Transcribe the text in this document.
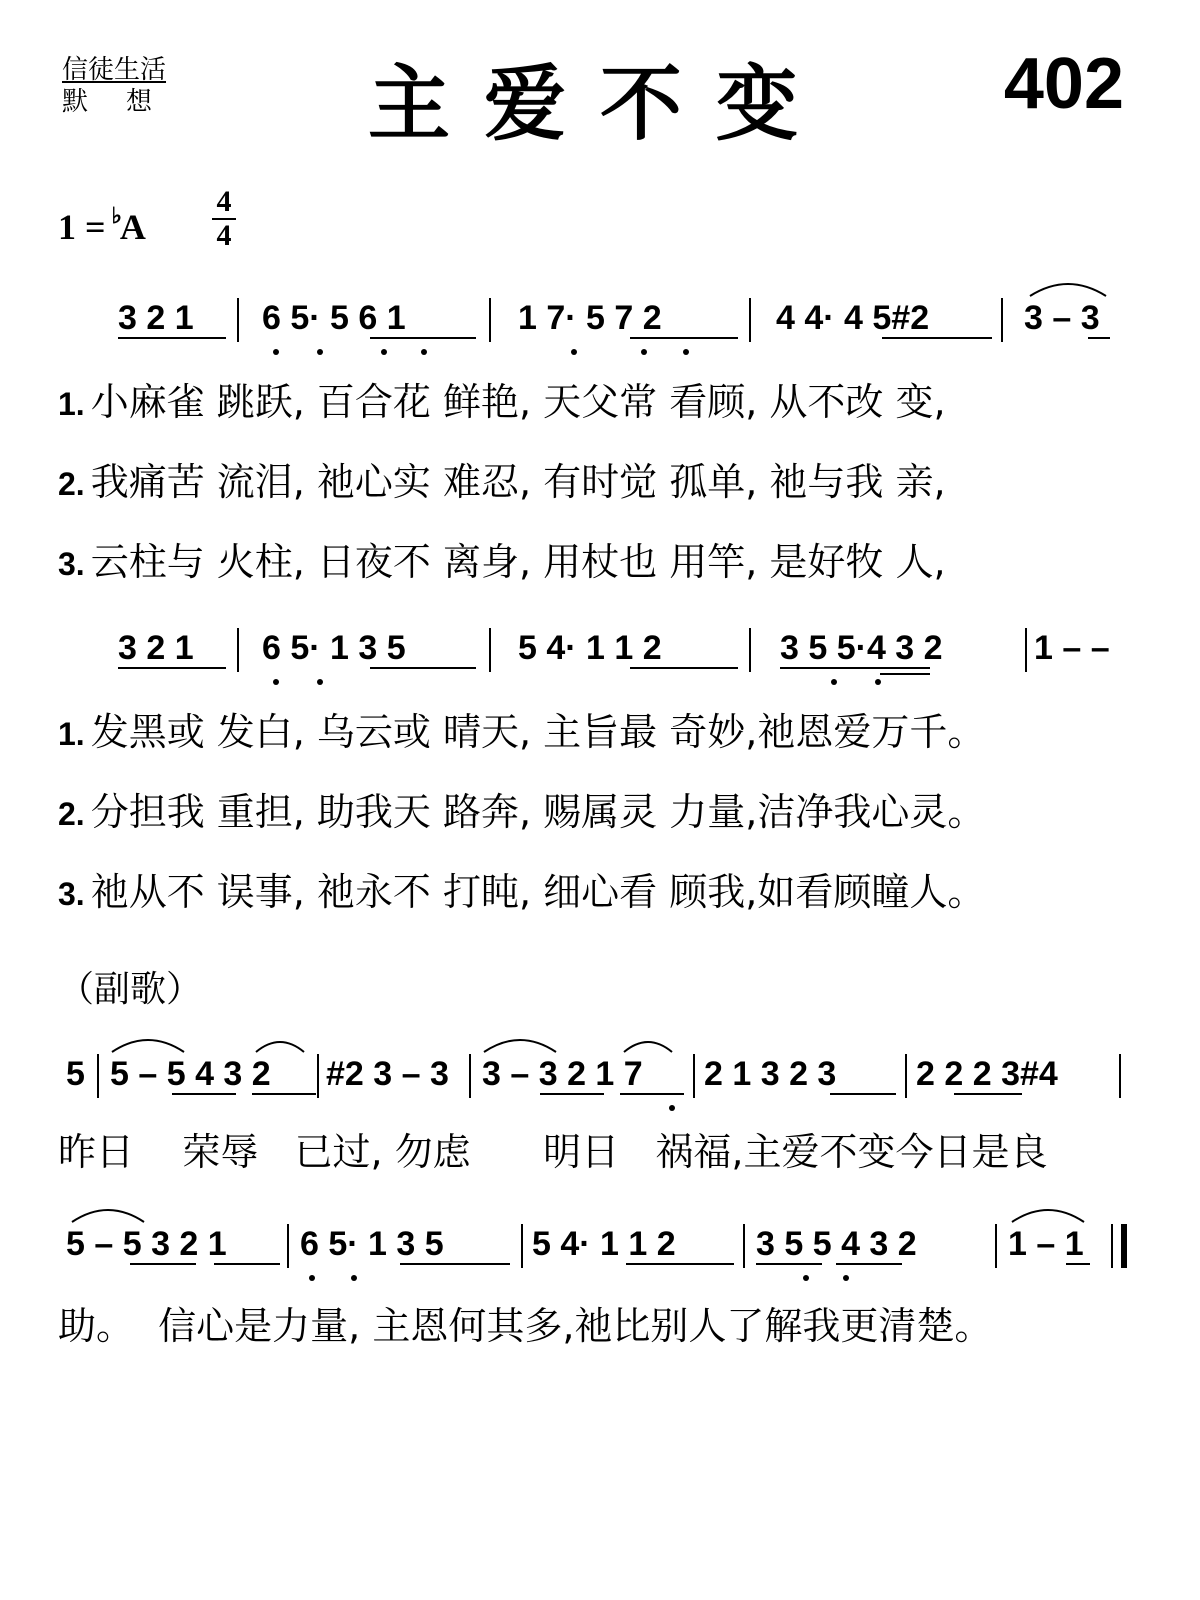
信徒生活
默想	主爱不变	402
1 = ♭A
4
4
3 2 1 6 5· 5 6 1	1 7· 5 7 2	4 4· 4 5#2	3 – 3
1. 小麻雀 跳跃, 百合花 鲜艳, 天父常 看顾, 从不改 变,
2. 我痛苦 流泪, 祂心实 难忍, 有时觉 孤单, 祂与我 亲,
3. 云柱与 火柱, 日夜不 离身, 用杖也 用竿, 是好牧 人,
3 2 1 6 5· 1 3 5	5 4· 1 1 2	3 5 5·4 3 2	1 – –
1. 发黑或 发白, 乌云或 晴天, 主旨最 奇妙,祂恩爱万千。
2. 分担我 重担, 助我天 路奔, 赐属灵 力量,洁净我心灵。
3. 祂从不 误事, 祂永不 打盹, 细心看 顾我,如看顾瞳人。
（副歌）
5 5 – 5 4 3 2 #2 3 – 3 3 – 3 2 1 7 2 1 3 2 3 2 2 2 3#4
昨日    荣辱   已过, 勿虑      明日   祸福,主爱不变今日是良
5 – 5 3 2 1 6 5· 1 3 5	5 4· 1 1 2 3 5 5 4 3 2	1 – 1
助。  信心是力量, 主恩何其多,祂比别人了解我更清楚。
